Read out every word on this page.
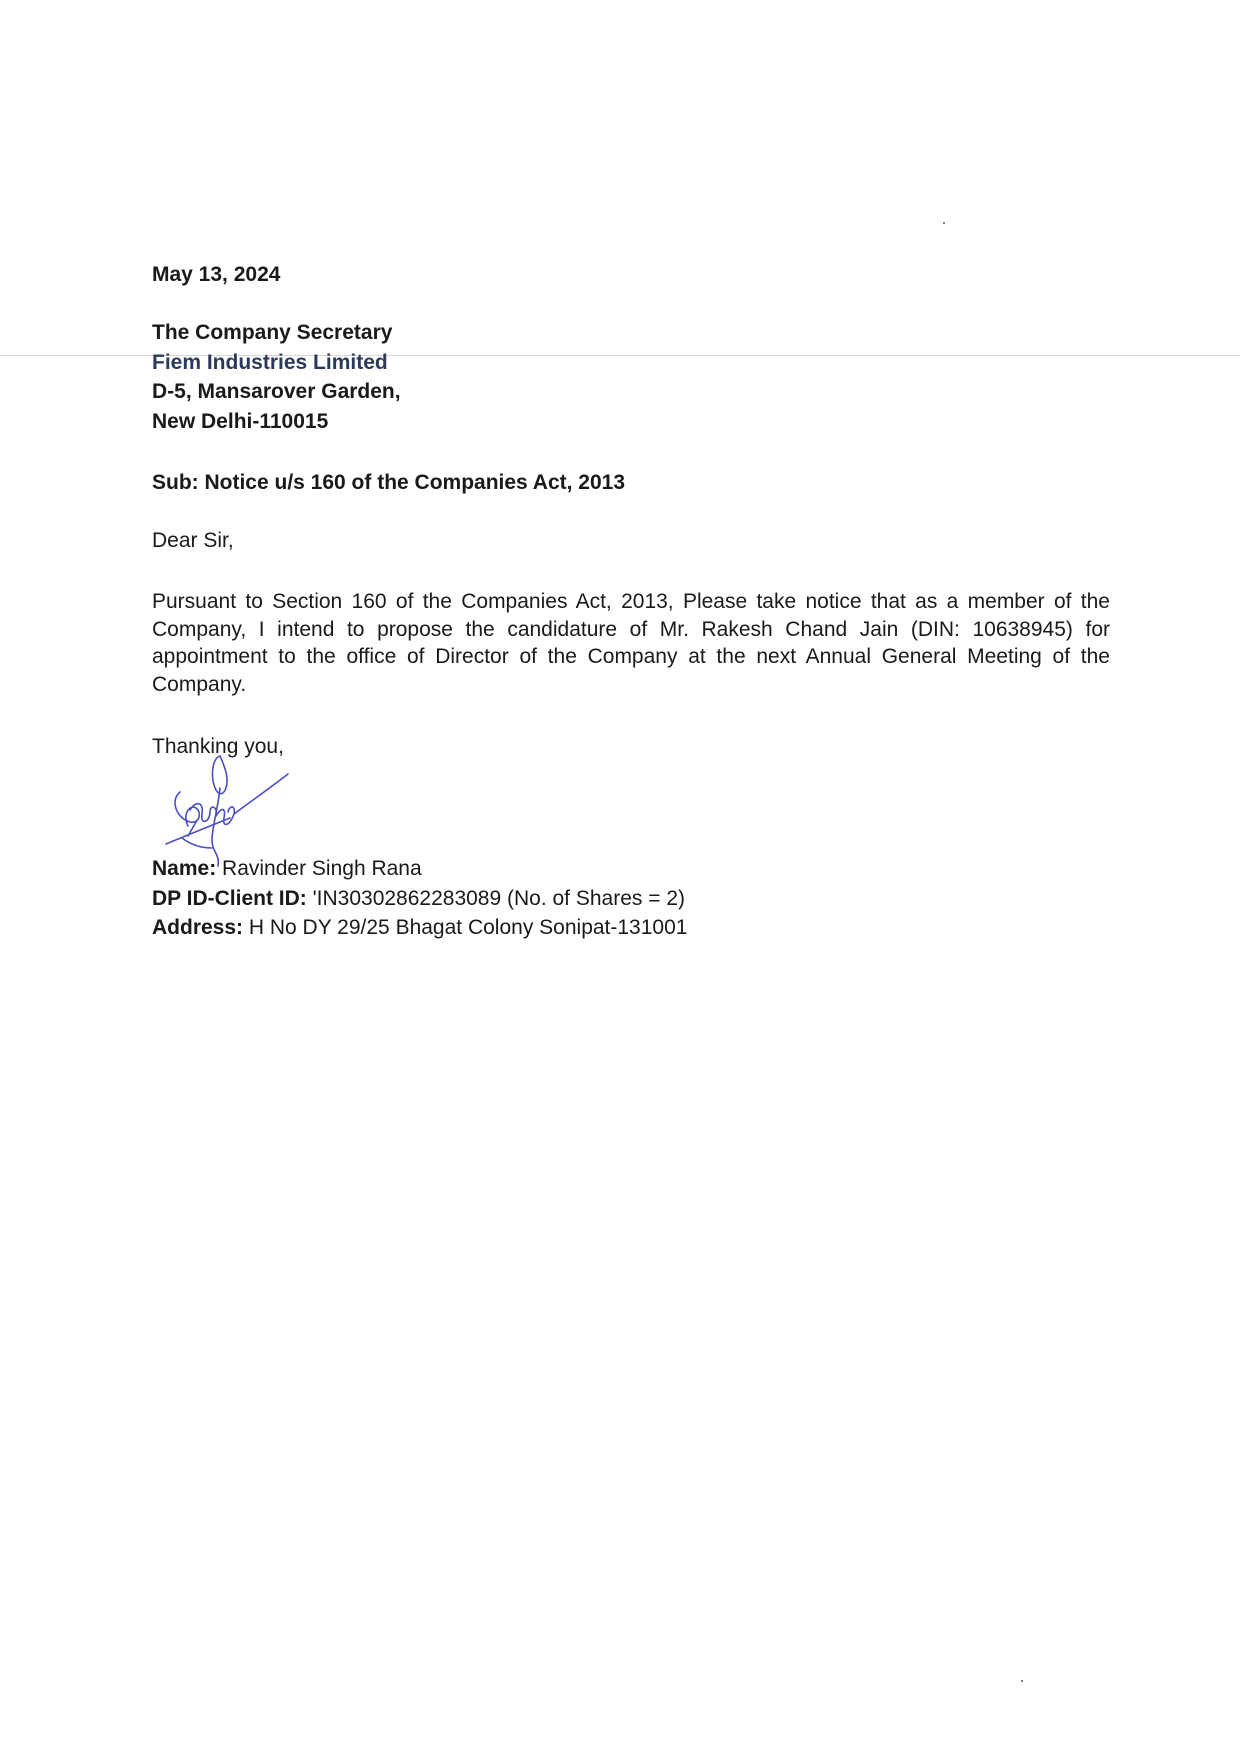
May 13, 2024
The Company Secretary
Fiem Industries Limited
D-5, Mansarover Garden,
New Delhi-110015
Sub: Notice u/s 160 of the Companies Act, 2013
Dear Sir,
Pursuant to Section 160 of the Companies Act, 2013, Please take notice that as a member of the Company, I intend to propose the candidature of Mr. Rakesh Chand Jain (DIN: 10638945) for appointment to the office of Director of the Company at the next Annual General Meeting of the Company.
Thanking you,
Name: Ravinder Singh Rana
DP ID-Client ID: 'IN30302862283089 (No. of Shares = 2)
Address: H No DY 29/25 Bhagat Colony Sonipat-131001
